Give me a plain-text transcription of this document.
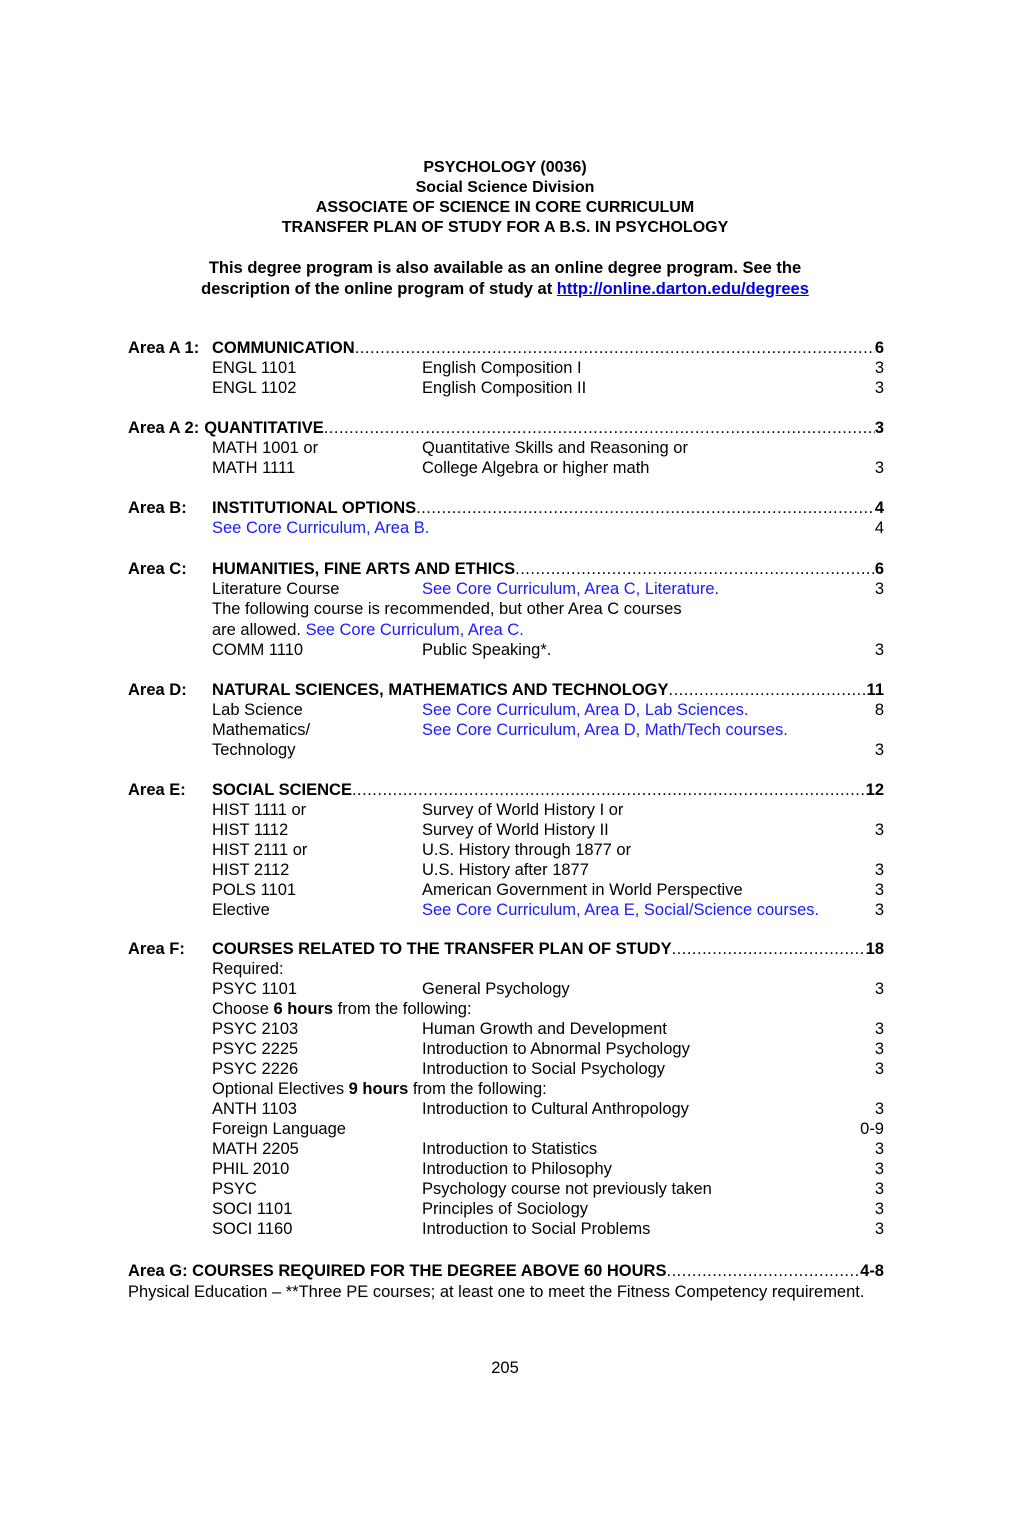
PSYCHOLOGY (0036)
Social Science Division
ASSOCIATE OF SCIENCE IN CORE CURRICULUM
TRANSFER PLAN OF STUDY FOR A B.S. IN PSYCHOLOGY
This degree program is also available as an online degree program. See the
description of the online program of study at http://online.darton.edu/degrees
Area A 1: COMMUNICATION .....	6
ENGL 1101	English Composition I	3
ENGL 1102	English Composition II	3
Area A 2: QUANTITATIVE .....	3
MATH 1001 or	Quantitative Skills and Reasoning or
MATH 1111	College Algebra or higher math	3
Area B: INSTITUTIONAL OPTIONS .....	4
See Core Curriculum, Area B.	4
Area C: HUMANITIES, FINE ARTS AND ETHICS .....	6
Literature Course	See Core Curriculum, Area C, Literature.	3
The following course is recommended, but other Area C courses
are allowed. See Core Curriculum, Area C.
COMM 1110	Public Speaking*.	3
Area D: NATURAL SCIENCES, MATHEMATICS AND TECHNOLOGY .....	11
Lab Science	See Core Curriculum, Area D, Lab Sciences.	8
Mathematics/	See Core Curriculum, Area D, Math/Tech courses.
Technology	3
Area E: SOCIAL SCIENCE .....	12
HIST 1111 or	Survey of World History I or
HIST 1112	Survey of World History II	3
HIST 2111 or	U.S. History through 1877 or
HIST 2112	U.S. History after 1877	3
POLS 1101	American Government in World Perspective	3
Elective	See Core Curriculum, Area E, Social/Science courses.	3
Area F: COURSES RELATED TO THE TRANSFER PLAN OF STUDY .....	18
Required:
PSYC 1101	General Psychology	3
Choose 6 hours from the following:
PSYC 2103	Human Growth and Development	3
PSYC 2225	Introduction to Abnormal Psychology	3
PSYC 2226	Introduction to Social Psychology	3
Optional Electives 9 hours from the following:
ANTH 1103	Introduction to Cultural Anthropology	3
Foreign Language	0-9
MATH 2205	Introduction to Statistics	3
PHIL 2010	Introduction to Philosophy	3
PSYC	Psychology course not previously taken	3
SOCI 1101	Principles of Sociology	3
SOCI 1160	Introduction to Social Problems	3
Area G: COURSES REQUIRED FOR THE DEGREE ABOVE 60 HOURS .....	4-8
Physical Education – **Three PE courses; at least one to meet the Fitness Competency requirement.
205
